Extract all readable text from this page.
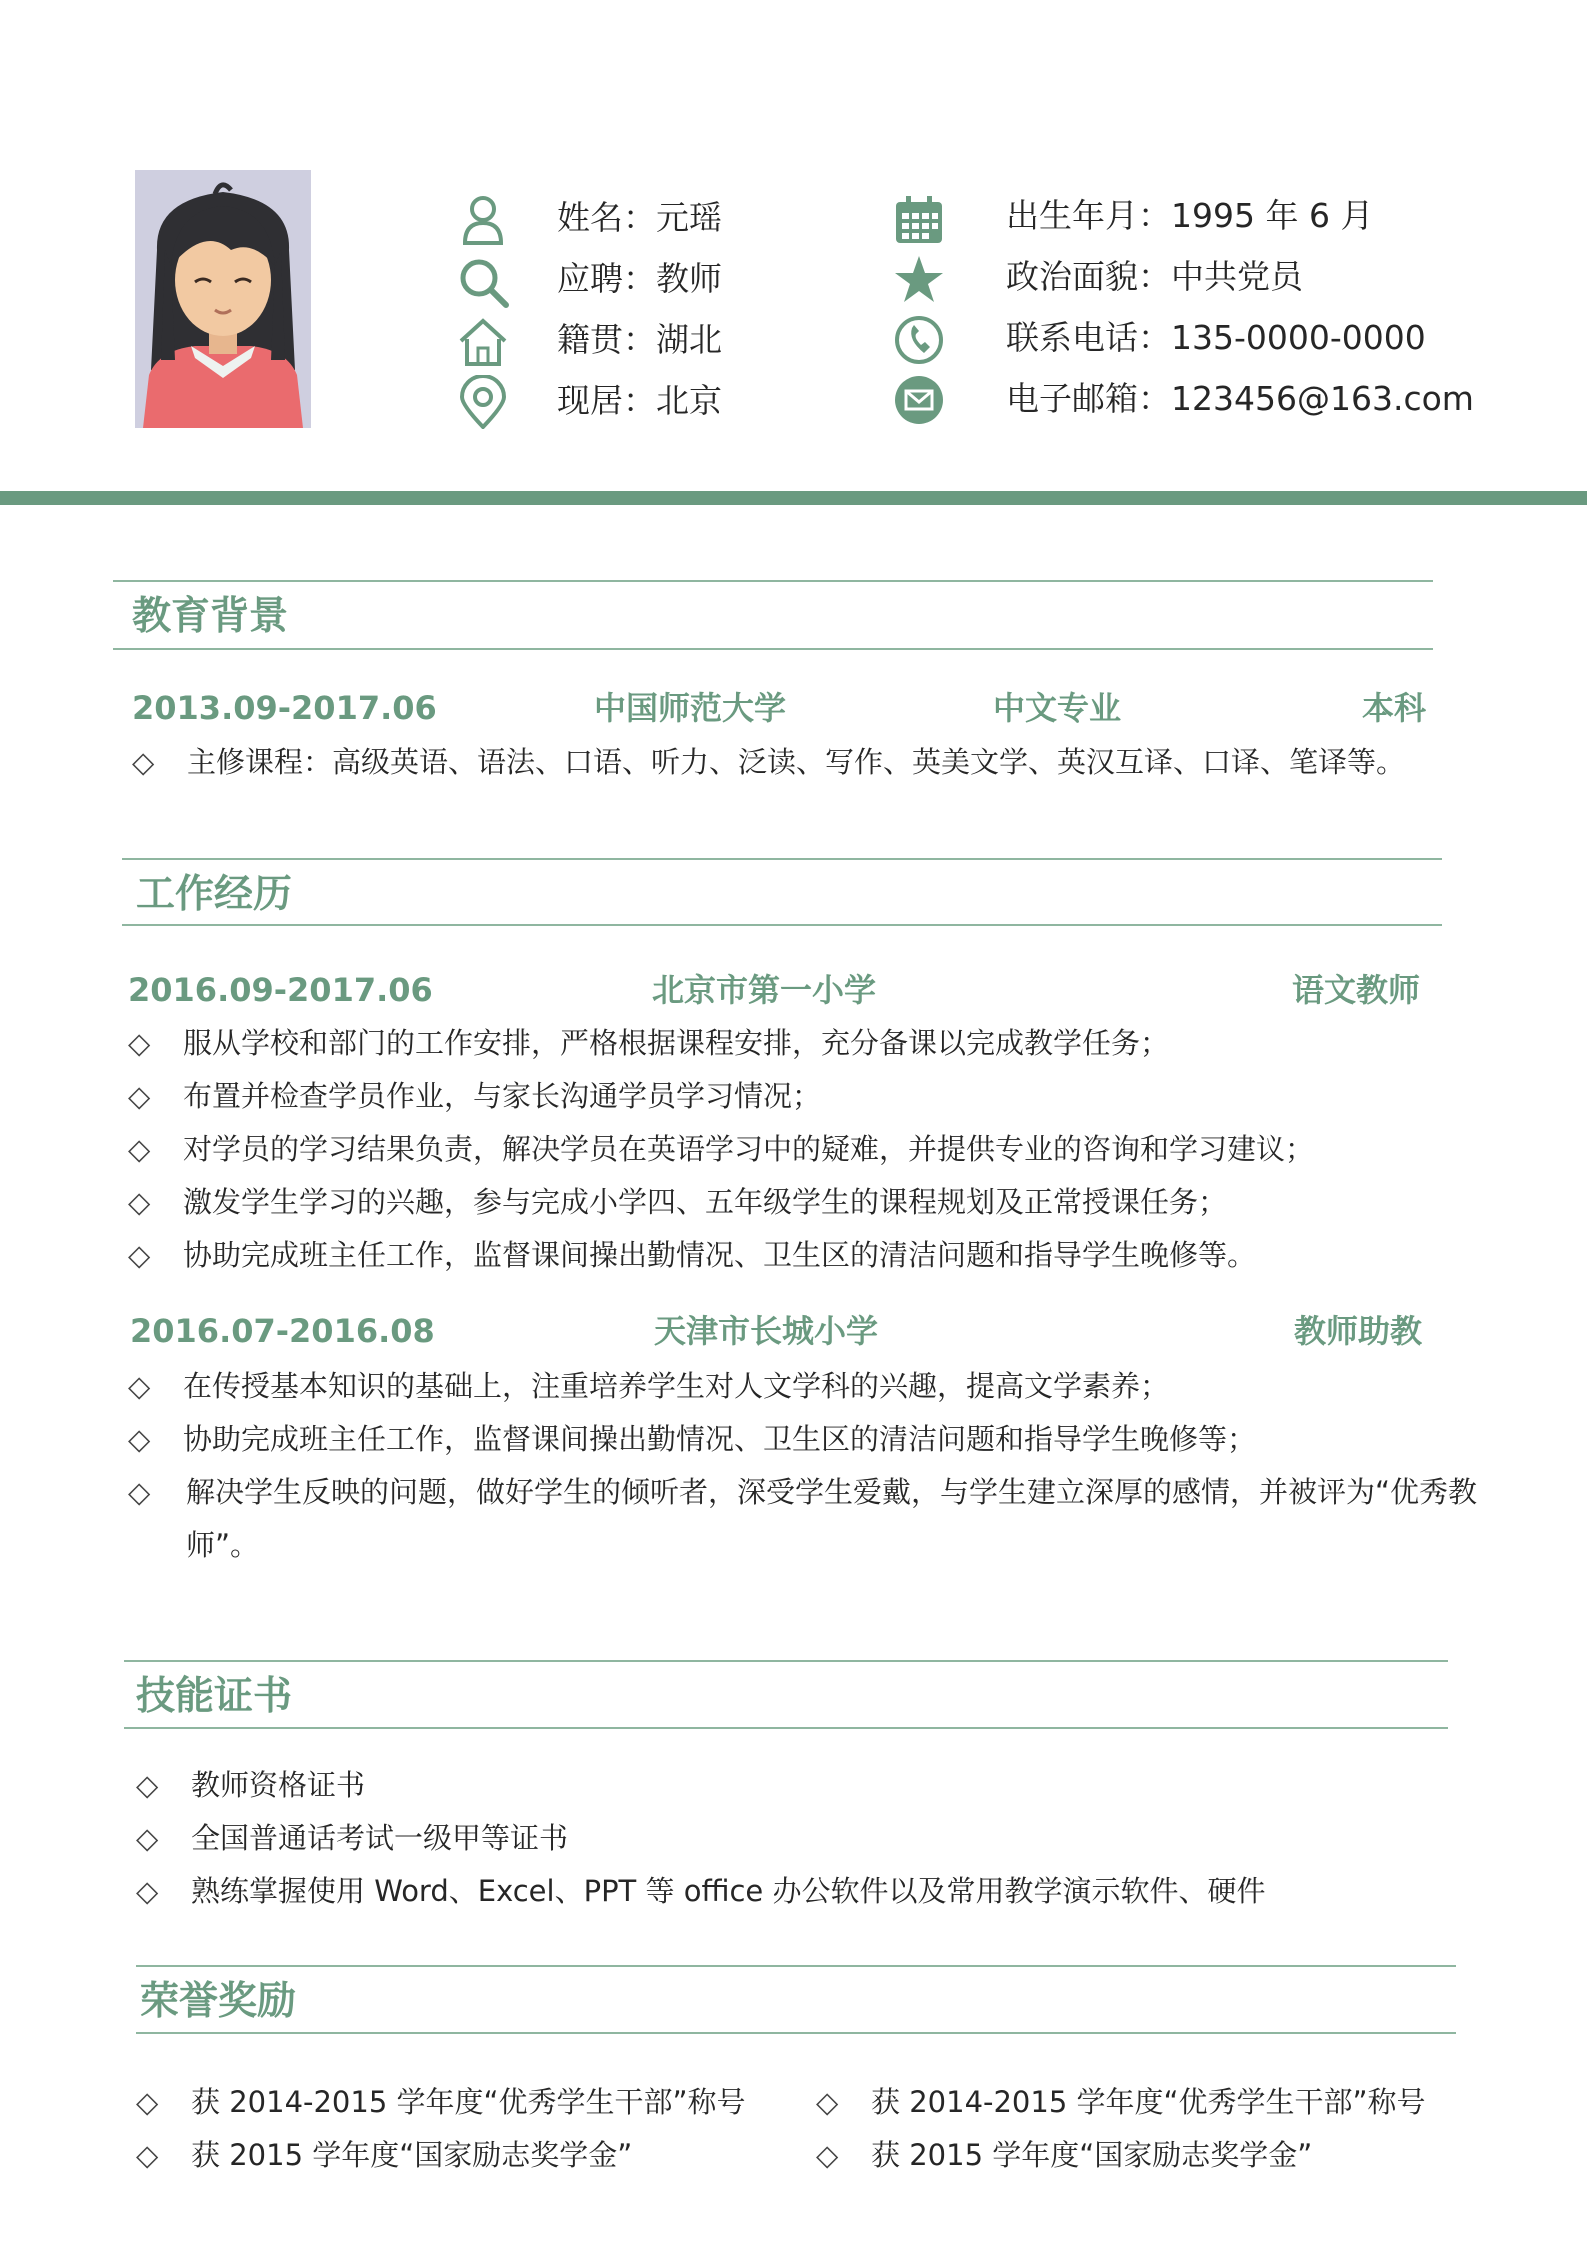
姓名：元瑶
应聘：教师
籍贯：湖北
现居：北京
出生年月：1995 年 6 月
政治面貌：中共党员
联系电话：135-0000-0000
电子邮箱：123456@163.com
教育背景
2013.09-2017.06	中国师范大学	中文专业	本科
◇ 主修课程：高级英语、语法、口语、听力、泛读、写作、英美文学、英汉互译、口译、笔译等。
工作经历
2016.09-2017.06	北京市第一小学	语文教师
◇ 服从学校和部门的工作安排，严格根据课程安排，充分备课以完成教学任务；
◇ 布置并检查学员作业，与家长沟通学员学习情况；
◇ 对学员的学习结果负责，解决学员在英语学习中的疑难，并提供专业的咨询和学习建议；
◇ 激发学生学习的兴趣，参与完成小学四、五年级学生的课程规划及正常授课任务；
◇ 协助完成班主任工作，监督课间操出勤情况、卫生区的清洁问题和指导学生晚修等。
2016.07-2016.08	天津市长城小学	教师助教
◇ 在传授基本知识的基础上，注重培养学生对人文学科的兴趣，提高文学素养；
◇ 协助完成班主任工作，监督课间操出勤情况、卫生区的清洁问题和指导学生晚修等；
◇	解决学生反映的问题，做好学生的倾听者，深受学生爱戴，与学生建立深厚的感情，并被评为“优秀教师”。
技能证书
◇ 教师资格证书
◇ 全国普通话考试一级甲等证书
◇ 熟练掌握使用 Word、Excel、PPT 等 office 办公软件以及常用教学演示软件、硬件
荣誉奖励
◇ 获 2014-2015 学年度“优秀学生干部”称号 ◇ 获 2014-2015 学年度“优秀学生干部”称号
◇ 获 2015 学年度“国家励志奖学金”	◇ 获 2015 学年度“国家励志奖学金”
